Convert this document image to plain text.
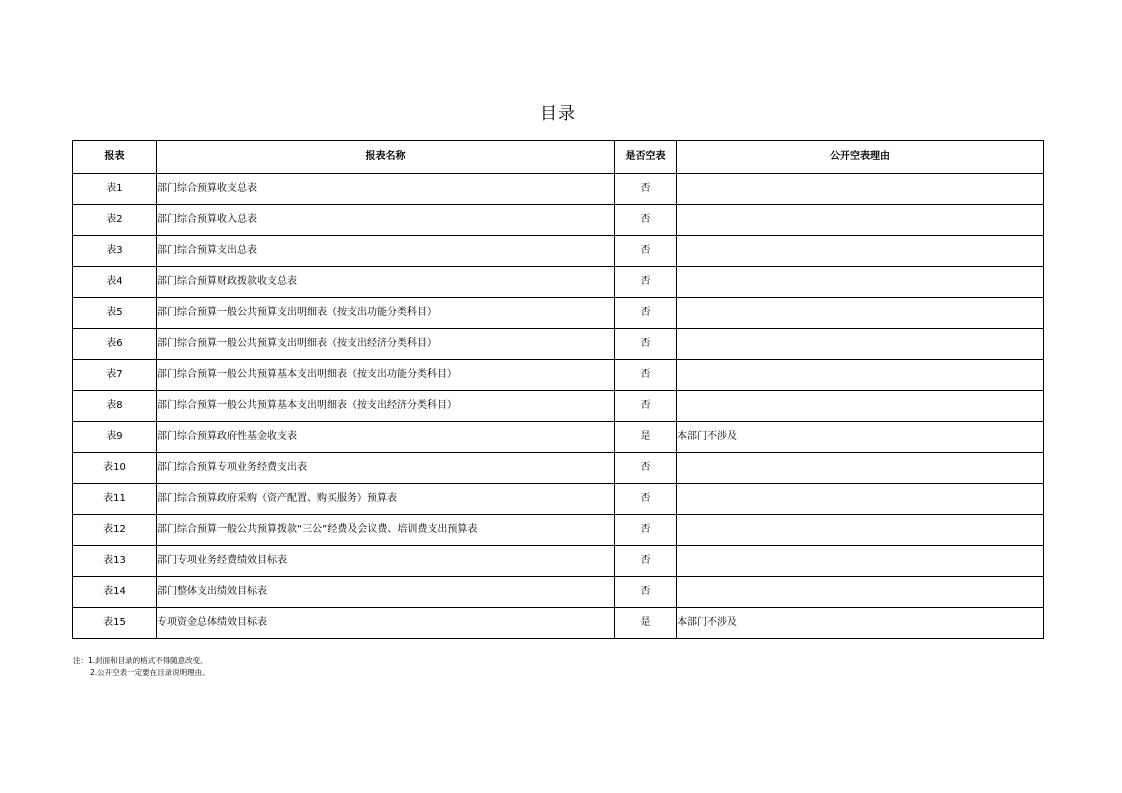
目录
报表	报表名称	是否空表	公开空表理由
表1	部门综合预算收支总表	否	
表2	部门综合预算收入总表	否	
表3	部门综合预算支出总表	否	
表4	部门综合预算财政拨款收支总表	否	
表5	部门综合预算一般公共预算支出明细表（按支出功能分类科目）	否	
表6	部门综合预算一般公共预算支出明细表（按支出经济分类科目）	否	
表7	部门综合预算一般公共预算基本支出明细表（按支出功能分类科目）	否	
表8	部门综合预算一般公共预算基本支出明细表（按支出经济分类科目）	否	
表9	部门综合预算政府性基金收支表	是	本部门不涉及
表10	部门综合预算专项业务经费支出表	否	
表11	部门综合预算政府采购（资产配置、购买服务）预算表	否	
表12	部门综合预算一般公共预算拨款“三公”经费及会议费、培训费支出预算表	否	
表13	部门专项业务经费绩效目标表	否	
表14	部门整体支出绩效目标表	否	
表15	专项资金总体绩效目标表	是	本部门不涉及
注：1.封面和目录的格式不得随意改变。
2.公开空表一定要在目录说明理由。
